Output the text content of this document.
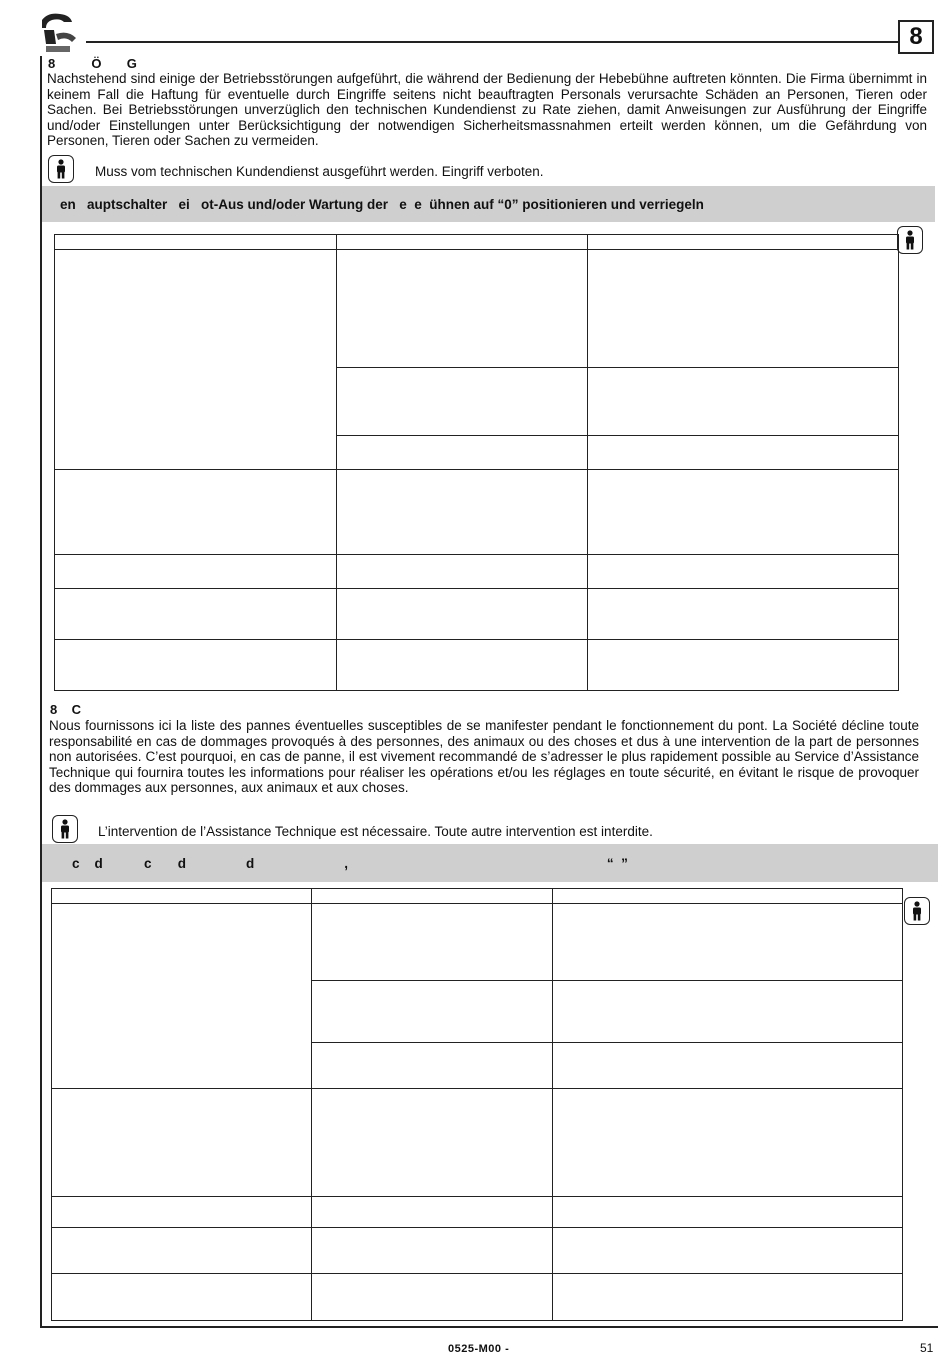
8
8          Ö       G
Nachstehend sind einige der Betriebsstörungen aufgeführt, die während der Bedienung der Hebebühne auftreten könnten. Die Firma übernimmt in keinem Fall die Haftung für eventuelle durch Eingriffe seitens nicht beauftragten Personals verursachte Schäden an Personen, Tieren oder Sachen. Bei Betriebsstörungen unverzüglich den technischen Kundendienst zu Rate ziehen, damit Anweisungen zur Ausführung der Eingriffe und/oder Einstellungen unter Berücksichtigung der notwendigen Sicherheitsmassnahmen erteilt werden können, um die Gefährdung von Personen, Tieren oder Sachen zu vermeiden.
Muss vom technischen Kundendienst ausgeführt werden. Eingriff verboten.
en   auptschalter   ei   ot-Aus und/oder Wartung der   e  e  ühnen auf “0” positionieren und verriegeln

8    C
Nous fournissons ici la liste des pannes éventuelles susceptibles de se manifester pendant le fonctionnement du pont. La Société décline toute responsabilité en cas de dommages provoqués à des personnes, des animaux ou des choses et dus à une intervention de la part de personnes non autorisées. C’est pourquoi, en cas de panne, il est vivement recommandé de s’adresser le plus rapidement possible au Service d’Assistance Technique qui fournira toutes les informations pour réaliser les opérations et/ou les réglages en toute sécurité, en évitant le risque de provoquer des dommages aux personnes, aux animaux et aux choses.
L’intervention de l’Assistance Technique est nécessaire. Toute autre intervention est interdite.
c    d           c       d                d                        ,                                                                     “  ”

0525-M00 -	51
